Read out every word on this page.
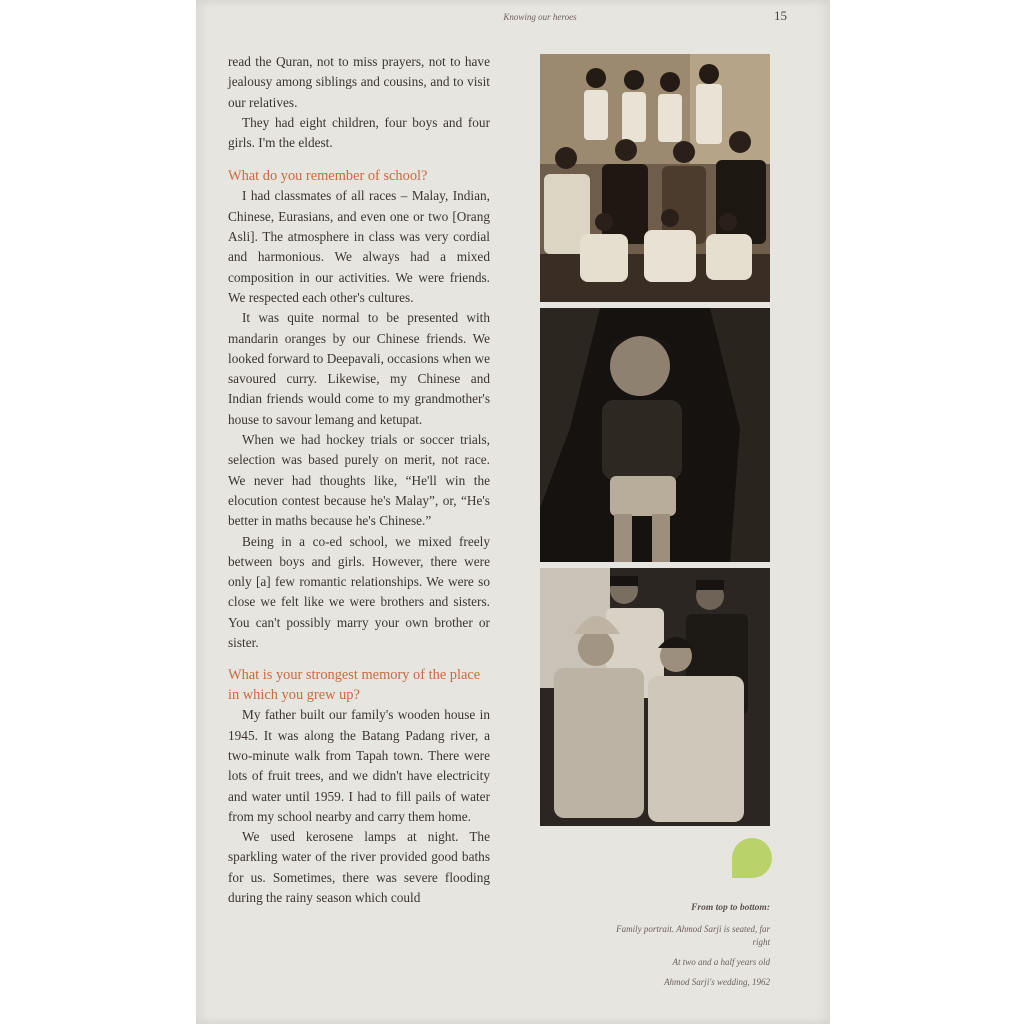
Knowing our heroes	15

read the Quran, not to miss prayers, not to have jealousy among siblings and cousins, and to visit our relatives.

They had eight children, four boys and four girls. I'm the eldest.

What do you remember of school?

I had classmates of all races – Malay, Indian, Chinese, Eurasians, and even one or two [Orang Asli]. The atmosphere in class was very cordial and harmonious. We always had a mixed composition in our activities. We were friends. We respected each other's cultures.

It was quite normal to be presented with mandarin oranges by our Chinese friends. We looked forward to Deepavali, occasions when we savoured curry. Likewise, my Chinese and Indian friends would come to my grandmother's house to savour lemang and ketupat.

When we had hockey trials or soccer trials, selection was based purely on merit, not race. We never had thoughts like, “He'll win the elocution contest because he's Malay”, or, “He's better in maths because he's Chinese.”

Being in a co-ed school, we mixed freely between boys and girls. However, there were only [a] few romantic relationships. We were so close we felt like we were brothers and sisters. You can't possibly marry your own brother or sister.

What is your strongest memory of the place in which you grew up?

My father built our family's wooden house in 1945. It was along the Batang Padang river, a two-minute walk from Tapah town. There were lots of fruit trees, and we didn't have electricity and water until 1959. I had to fill pails of water from my school nearby and carry them home.

We used kerosene lamps at night. The sparkling water of the river provided good baths for us. Sometimes, there was severe flooding during the rainy season which could

From top to bottom:
Family portrait. Ahmod Sarji is seated, far right
At two and a half years old
Ahmod Sarji's wedding, 1962
